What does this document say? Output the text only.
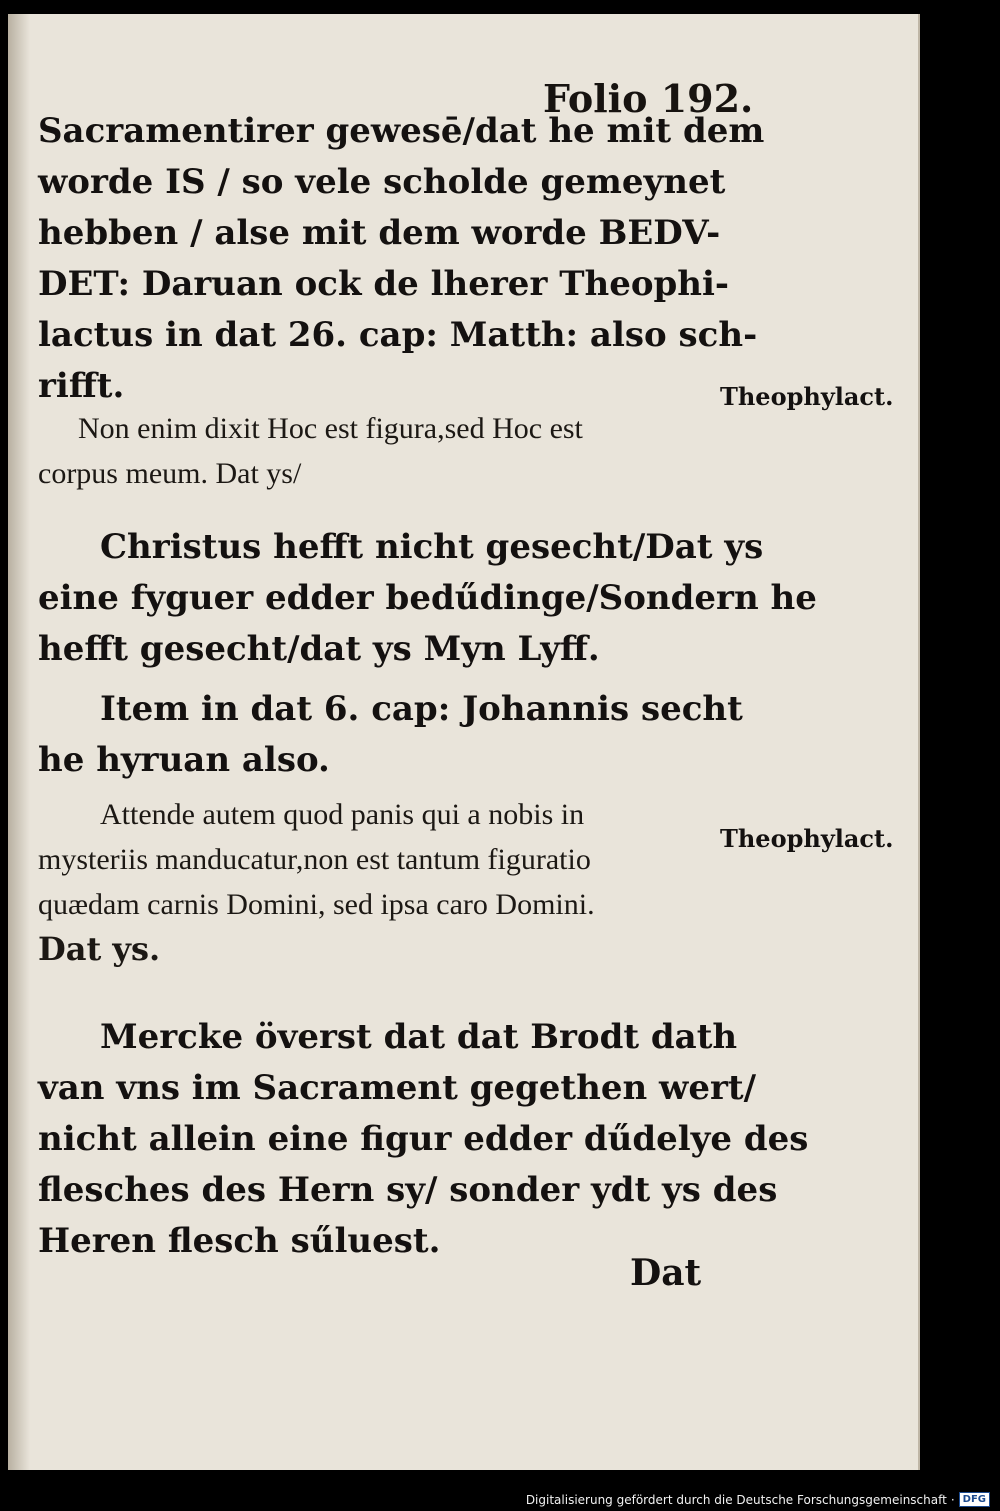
Folio 192.
Sacramentirer gewesē/dat he mit dem
worde IS / so vele scholde gemeynet
hebben / alse mit dem worde BEDV-
DET: Daruan ock de lherer Theophi-
lactus in dat 26. cap: Matth: also sch-
rifft.
Non enim dixit Hoc est figura,sed Hoc est
corpus meum. Dat ys/
Theophylact.
Christus hefft nicht gesecht/Dat ys
eine fyguer edder bedűdinge/Sondern he
hefft gesecht/dat ys Myn Lyff.
Item in dat 6. cap: Johannis secht
he hyruan also.
Attende autem quod panis qui a nobis in
mysteriis manducatur,non est tantum figuratio
quædam carnis Domini, sed ipsa caro Domini.
Dat ys.
Theophylact.
Mercke överst dat dat Brodt dath
van vns im Sacrament gegethen wert/
nicht allein eine figur edder dűdelye des
flesches des Hern sy/ sonder ydt ys des
Heren flesch sűluest.
Dat
Digitalisierung gefördert durch die Deutsche Forschungsgemeinschaft · DFG
